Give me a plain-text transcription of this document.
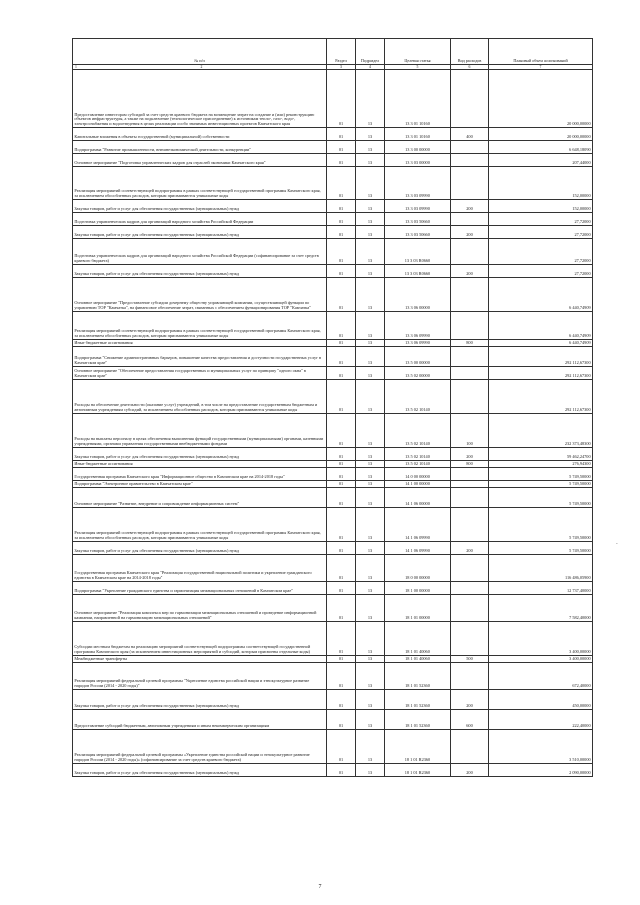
№ п/п	Раздел	Подраздел	Целевая статья	Вид расходов	Плановый объем ассигнований

1 2	3	4	5	6	7
Предоставление инвесторам субсидий за счет средств краевого бюджета на возмещение затрат на создание и (или) реконструкцию объектов инфраструктуры, а также на подключение (технологическое присоединение) к источникам тепло-, газо-, водо-, электроснабжения и водоотведения в целях реализации особо значимых инвестиционных проектов Камчатского края	01	13	13 3 01 10160		20 000,00000
Капитальные вложения в объекты государственной (муниципальной) собственности	01	13	13 3 01 10160	400	20 000,00000
Подпрограмма "Развитие промышленности, внешнеэкономической деятельности, конкуренции"	01	13	13 3 00 00000		6 648,18090
Основное мероприятие "Подготовка управленческих кадров для отраслей экономики Камчатского края"	01	13	13 3 03 00000		207,44000
Реализация мероприятий соответствующей подпрограммы в рамках соответствующей государственной программы Камчатского края, за исключением обособленных расходов, которым присваиваются уникальные коды	01	13	13 3 03 09990		152,00000
Закупка товаров, работ и услуг для обеспечения государственных (муниципальных) нужд	01	13	13 3 03 09990	200	152,00000
Подготовка управленческих кадров для организаций народного хозяйства Российской Федерации	01	13	13 3 03 50660		27,72000
Закупка товаров, работ и услуг для обеспечения государственных (муниципальных) нужд	01	13	13 3 03 50660	200	27,72000
Подготовка управленческих кадров для организаций народного хозяйства Российской Федерации (софинансирование за счет средств краевого бюджета)	01	13	13 3 03 R0660		27,72000
Закупка товаров, работ и услуг для обеспечения государственных (муниципальных) нужд	01	13	13 3 03 R0660	200	27,72000
Основное мероприятие "Предоставление субсидии дочернему обществу управляющей компании, осуществляющей функции по управлению ТОР "Камчатка", на финансовое обеспечение затрат, связанных с обеспечением функционирования ТОР "Камчатка"	01	13	13 3 06 00000		6 440,74909
Реализация мероприятий соответствующей подпрограммы в рамках соответствующей государственной программы Камчатского края, за исключением обособленных расходов, которым присваиваются уникальные коды	01	13	13 3 06 09990		6 440,74909
Иные бюджетные ассигнования	01	13	13 3 06 09990	800	6 440,74909
Подпрограмма "Снижение административных барьеров, повышение качества предоставления и доступности государственных услуг в Камчатском крае"	01	13	13 5 00 00000		292 112,67300
Основное мероприятие "Обеспечение предоставления государственных и муниципальных услуг по принципу "одного окна" в Камчатском крае"	01	13	13 5 02 00000		292 112,67300
Расходы на обеспечение деятельности (оказание услуг) учреждений, в том числе на предоставление государственным бюджетным и автономным учреждениям субсидий, за исключением обособленных расходов, которым присваиваются уникальные коды	01	13	13 5 02 10140		292 112,67300
Расходы на выплаты персоналу в целях обеспечения выполнения функций государственными (муниципальными) органами, казенными учреждениями, органами управления государственными внебюджетными фондами	01	13	13 5 02 10140	100	232 373,48300
Закупка товаров, работ и услуг для обеспечения государственных (муниципальных) нужд	01	13	13 5 02 10140	200	59 462,24700
Иные бюджетные ассигнования	01	13	13 5 02 10140	800	276,94300
Государственная программа Камчатского края "Информационное общество в Камчатском крае на 2014-2018 годы"	01	13	14 0 00 00000		5 749,50000
Подпрограмма "Электронное правительство в Камчатском крае"	01	13	14 1 00 00000		5 749,50000
Основное мероприятие "Развитие, внедрение и сопровождение информационных систем"	01	13	14 1 06 00000		5 749,50000
Реализация мероприятий соответствующей подпрограммы в рамках соответствующей государственной программы Камчатского края, за исключением обособленных расходов, которым присваиваются уникальные коды	01	13	14 1 06 09990		5 749,50000
Закупка товаров, работ и услуг для обеспечения государственных (муниципальных) нужд	01	13	14 1 06 09990	200	5 749,50000
Государственная программа Камчатского края "Реализация государственной национальной политики и укрепление гражданского единства в Камчатском крае на 2014-2018 годы"	01	13	18 0 00 00000		116 486,05900
Подпрограмма "Укрепление гражданского единства и гармонизация межнациональных отношений в Камчатском крае"	01	13	18 1 00 00000		12 737,40000
Основное мероприятие "Реализация комплекса мер по гармонизации межнациональных отношений и проведение информационной кампании, направленной на гармонизацию межнациональных отношений"	01	13	18 1 01 00000		7 582,40000
Субсидии местным бюджетам на реализацию мероприятий соответствующей подпрограммы соответствующей государственной программы Камчатского края (за исключением инвестиционных мероприятий и субсидий, которым присвоены отдельные коды)	01	13	18 1 01 40060		3 400,00000
Межбюджетные трансферты	01	13	18 1 01 40060	500	3 400,00000
Реализация мероприятий федеральной целевой программы "Укрепление единства российской нации и этнокультурное развитие народов России (2014 - 2020 годы)"	01	13	18 1 01 52360		672,40000
Закупка товаров, работ и услуг для обеспечения государственных (муниципальных) нужд	01	13	18 1 01 52360	200	450,00000
Предоставление субсидий бюджетным, автономным учреждениям и иным некоммерческим организациям	01	13	18 1 01 52360	600	222,40000
Реализация мероприятий федеральной целевой программы «Укрепление единства российской нации и этнокультурное развитие народов России (2014 - 2020 годы)» (софинансирование за счет средств краевого бюджета)	01	13	18 1 01 R2360		3 510,00000
Закупка товаров, работ и услуг для обеспечения государственных (муниципальных) нужд	01	13	18 1 01 R2360	200	2 090,00000
-
7
